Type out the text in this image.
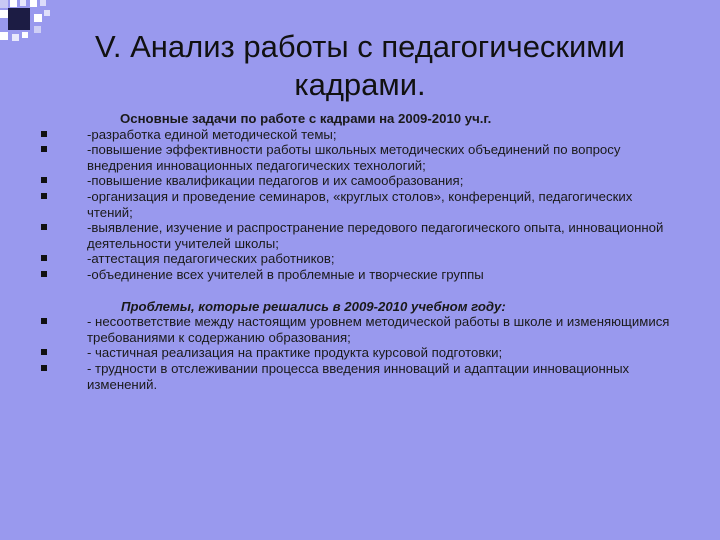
V. Анализ работы с педагогическими кадрами.
Основные задачи по работе с кадрами на 2009-2010 уч.г.
-разработка единой методической темы;
-повышение эффективности работы школьных методических объединений по вопросу внедрения инновационных педагогических технологий;
-повышение квалификации педагогов и их самообразования;
-организация и проведение семинаров, «круглых столов», конференций, педагогических чтений;
-выявление, изучение и распространение передового педагогического опыта, инновационной деятельности учителей школы;
-аттестация педагогических работников;
-объединение всех учителей в проблемные и творческие группы
Проблемы, которые решались в 2009-2010 учебном году:
- несоответствие между настоящим уровнем методической работы в школе и изменяющимися требованиями к содержанию образования;
- частичная реализация на практике продукта курсовой подготовки;
- трудности в отслеживании процесса введения инноваций и адаптации инновационных изменений.
